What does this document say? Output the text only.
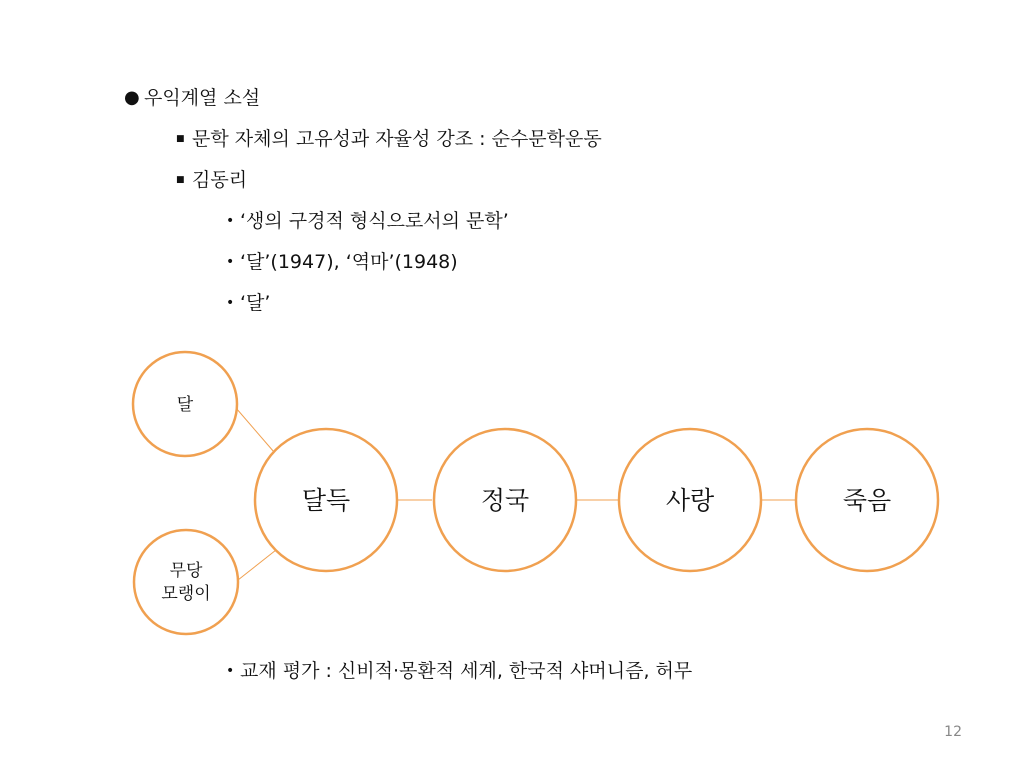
● 우익계열 소설
■ 문학 자체의 고유성과 자율성 강조 : 순수문학운동
■ 김동리
• ‘생의 구경적 형식으로서의 문학’
• ‘달’(1947), ‘역마’(1948)
• ‘달’
달
무당
모랭이
달득	정국	사랑	죽음
• 교재 평가 : 신비적·몽환적 세계, 한국적 샤머니즘, 허무
12
